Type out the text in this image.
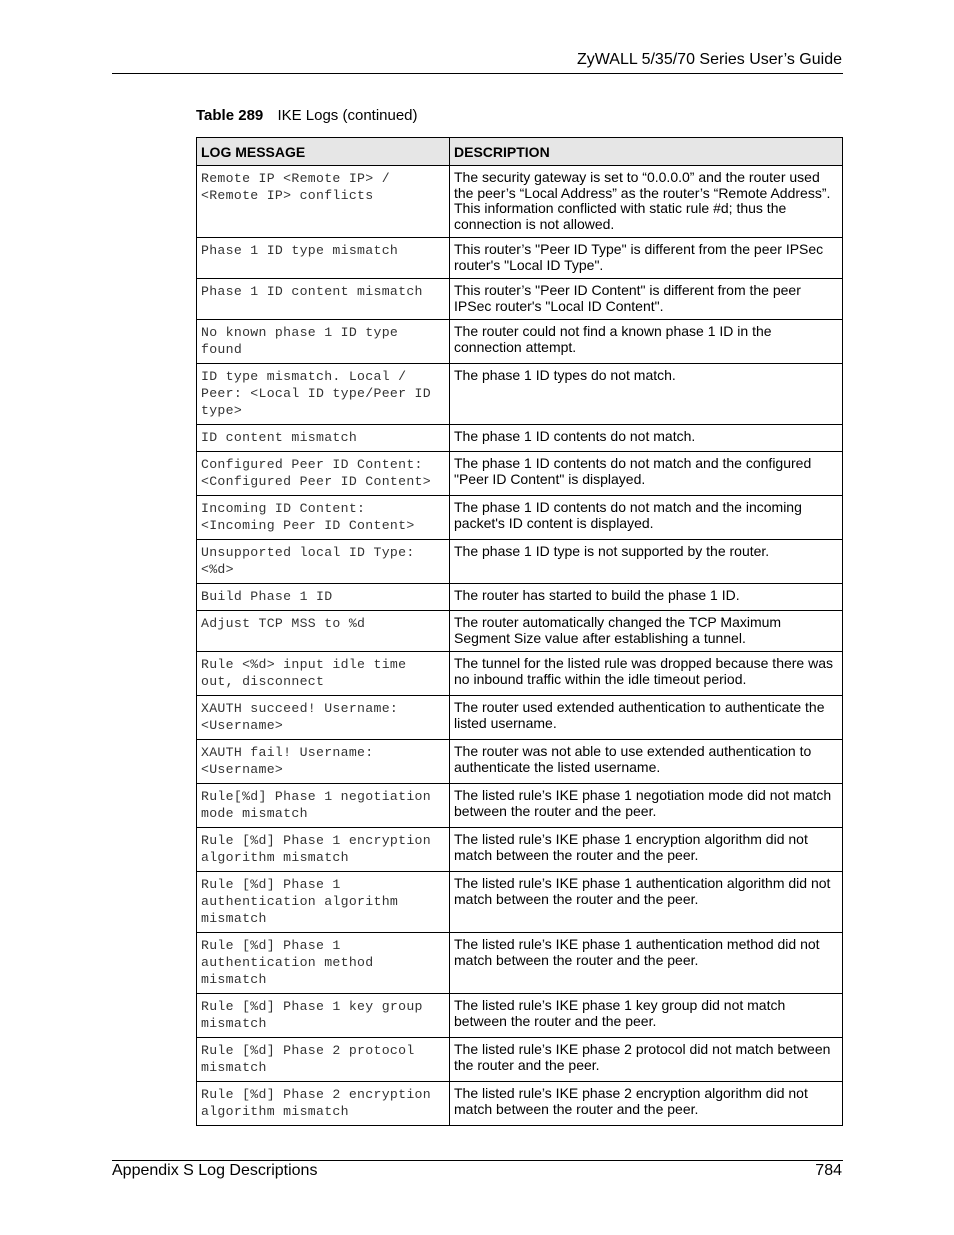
ZyWALL 5/35/70 Series User’s Guide
Table 289 IKE Logs (continued)
LOG MESSAGE	DESCRIPTION
Remote IP <Remote IP> / <Remote IP> conflicts	The security gateway is set to “0.0.0.0” and the router used the peer’s “Local Address” as the router’s “Remote Address”. This information conflicted with static rule #d; thus the connection is not allowed.
Phase 1 ID type mismatch	This router’s "Peer ID Type" is different from the peer IPSec router's "Local ID Type".
Phase 1 ID content mismatch	This router’s "Peer ID Content" is different from the peer IPSec router's "Local ID Content".
No known phase 1 ID type found	The router could not find a known phase 1 ID in the connection attempt.
ID type mismatch. Local / Peer: <Local ID type/Peer ID type>	The phase 1 ID types do not match.
ID content mismatch	The phase 1 ID contents do not match.
Configured Peer ID Content: <Configured Peer ID Content>	The phase 1 ID contents do not match and the configured "Peer ID Content" is displayed.
Incoming ID Content: <Incoming Peer ID Content>	The phase 1 ID contents do not match and the incoming packet's ID content is displayed.
Unsupported local ID Type: <%d>	The phase 1 ID type is not supported by the router.
Build Phase 1 ID	The router has started to build the phase 1 ID.
Adjust TCP MSS to %d	The router automatically changed the TCP Maximum Segment Size value after establishing a tunnel.
Rule <%d> input idle time out, disconnect	The tunnel for the listed rule was dropped because there was no inbound traffic within the idle timeout period.
XAUTH succeed! Username: <Username>	The router used extended authentication to authenticate the listed username.
XAUTH fail! Username: <Username>	The router was not able to use extended authentication to authenticate the listed username.
Rule[%d] Phase 1 negotiation mode mismatch	The listed rule’s IKE phase 1 negotiation mode did not match between the router and the peer.
Rule [%d] Phase 1 encryption algorithm mismatch	The listed rule’s IKE phase 1 encryption algorithm did not match between the router and the peer.
Rule [%d] Phase 1 authentication algorithm mismatch	The listed rule’s IKE phase 1 authentication algorithm did not match between the router and the peer.
Rule [%d] Phase 1 authentication method mismatch	The listed rule’s IKE phase 1 authentication method did not match between the router and the peer.
Rule [%d] Phase 1 key group mismatch	The listed rule’s IKE phase 1 key group did not match between the router and the peer.
Rule [%d] Phase 2 protocol mismatch	The listed rule’s IKE phase 2 protocol did not match between the router and the peer.
Rule [%d] Phase 2 encryption algorithm mismatch	The listed rule’s IKE phase 2 encryption algorithm did not match between the router and the peer.
Appendix S Log Descriptions	784
